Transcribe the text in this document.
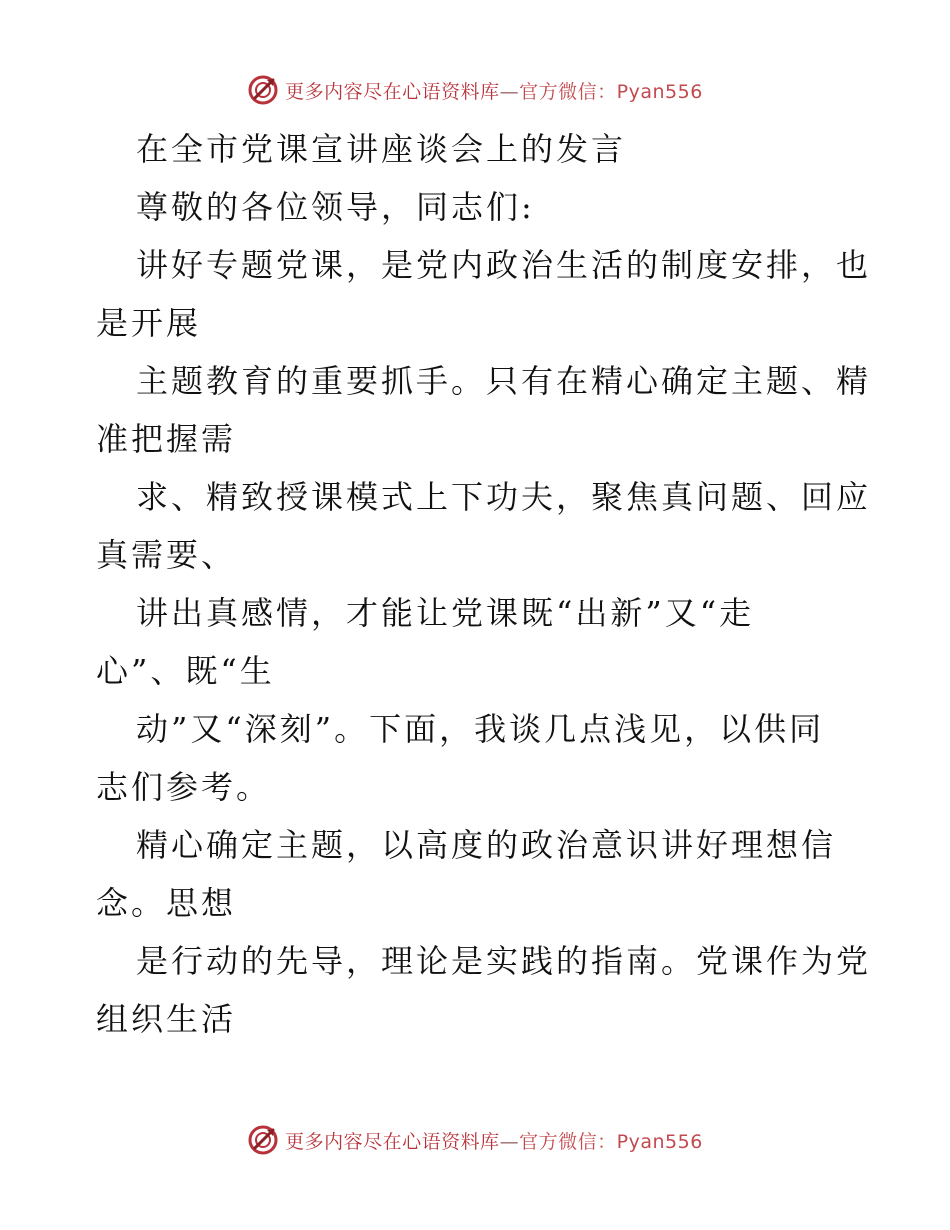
更多内容尽在心语资料库—官方微信：Pyan556
在全市党课宣讲座谈会上的发言
尊敬的各位领导，同志们:
讲好专题党课，是党内政治生活的制度安排，也
是开展
主题教育的重要抓手。只有在精心确定主题、精
准把握需
求、精致授课模式上下功夫，聚焦真问题、回应
真需要、
讲出真感情，才能让党课既“出新”又“走
心”、既“生
动”又“深刻”。下面，我谈几点浅见，以供同
志们参考。
精心确定主题，以高度的政治意识讲好理想信
念。思想
是行动的先导，理论是实践的指南。党课作为党
组织生活
更多内容尽在心语资料库—官方微信：Pyan556
